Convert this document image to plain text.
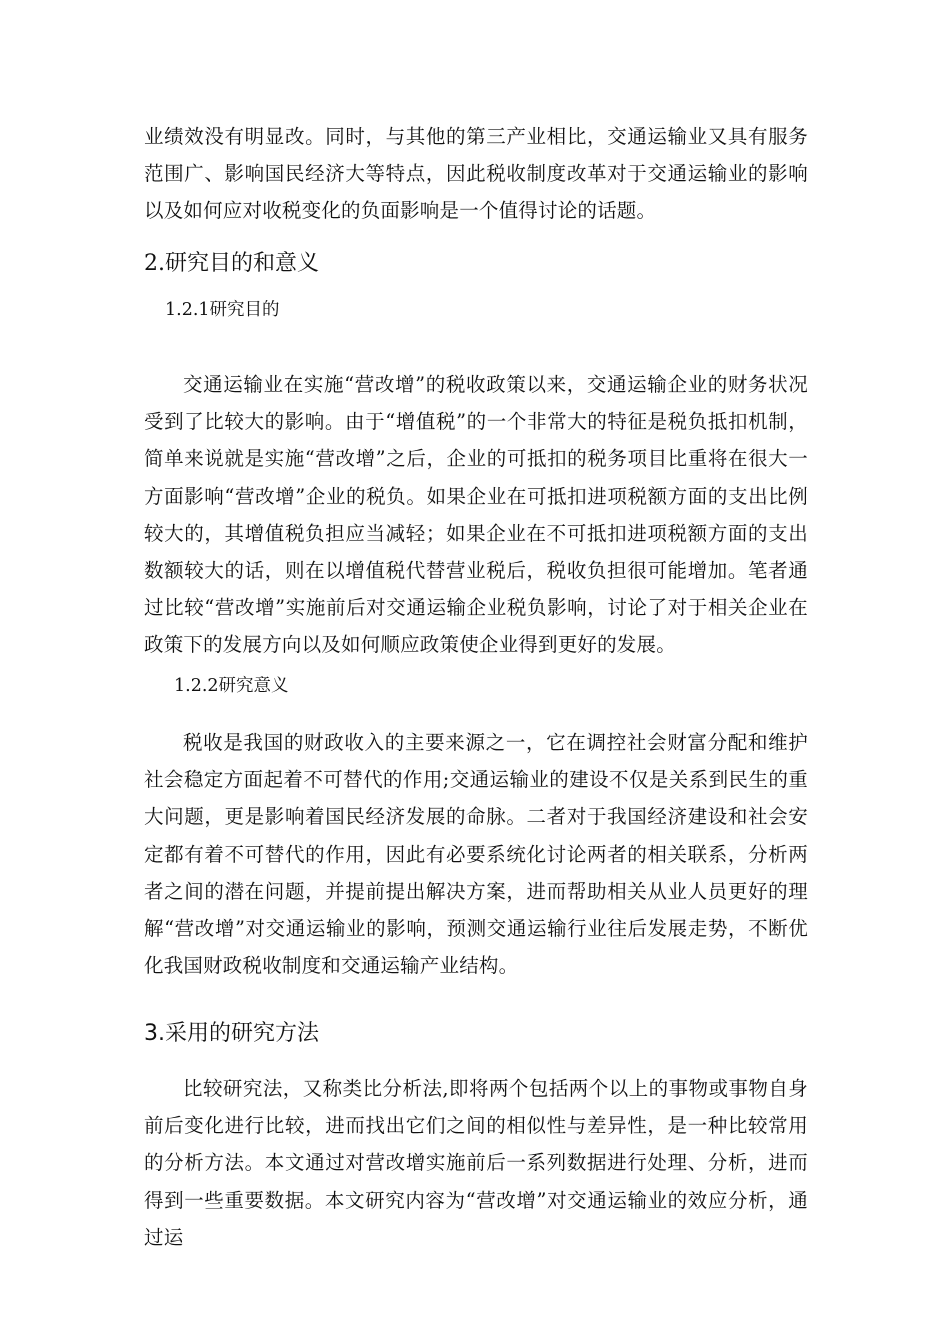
业绩效没有明显改。同时，与其他的第三产业相比，交通运输业又具有服务范围广、影响国民经济大等特点，因此税收制度改革对于交通运输业的影响以及如何应对收税变化的负面影响是一个值得讨论的话题。

2.研究目的和意义
1.2.1研究目的

交通运输业在实施“营改增”的税收政策以来，交通运输企业的财务状况受到了比较大的影响。由于“增值税”的一个非常大的特征是税负抵扣机制，简单来说就是实施“营改增”之后，企业的可抵扣的税务项目比重将在很大一方面影响“营改增”企业的税负。如果企业在可抵扣进项税额方面的支出比例较大的，其增值税负担应当减轻；如果企业在不可抵扣进项税额方面的支出数额较大的话，则在以增值税代替营业税后，税收负担很可能增加。笔者通过比较“营改增”实施前后对交通运输企业税负影响，讨论了对于相关企业在政策下的发展方向以及如何顺应政策使企业得到更好的发展。

1.2.2研究意义

税收是我国的财政收入的主要来源之一，它在调控社会财富分配和维护社会稳定方面起着不可替代的作用;交通运输业的建设不仅是关系到民生的重大问题，更是影响着国民经济发展的命脉。二者对于我国经济建设和社会安定都有着不可替代的作用，因此有必要系统化讨论两者的相关联系，分析两者之间的潜在问题，并提前提出解决方案，进而帮助相关从业人员更好的理解“营改增”对交通运输业的影响，预测交通运输行业往后发展走势，不断优化我国财政税收制度和交通运输产业结构。

3.采用的研究方法

比较研究法，又称类比分析法,即将两个包括两个以上的事物或事物自身前后变化进行比较，进而找出它们之间的相似性与差异性，是一种比较常用的分析方法。本文通过对营改增实施前后一系列数据进行处理、分析，进而得到一些重要数据。本文研究内容为“营改增”对交通运输业的效应分析，通过运
